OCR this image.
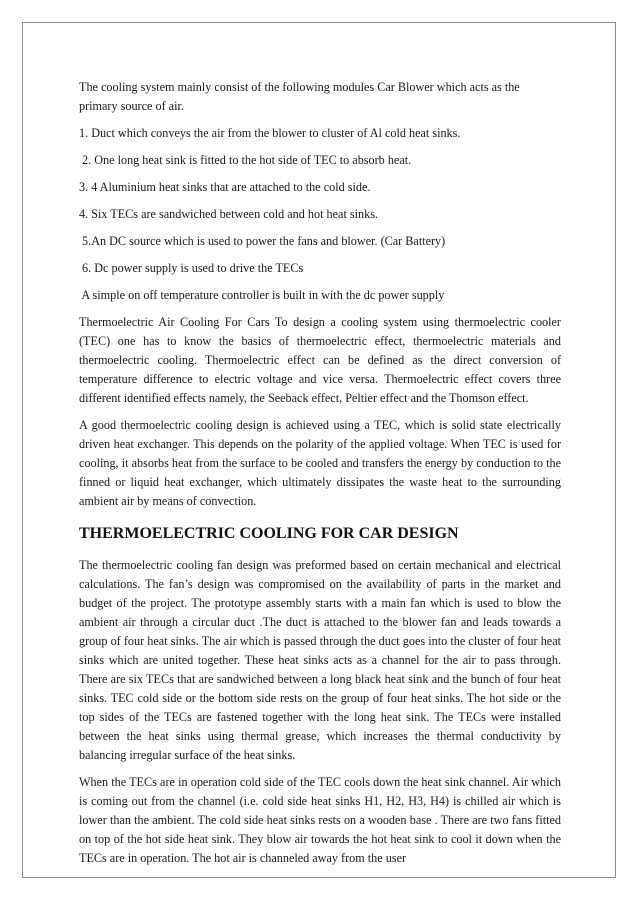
The cooling system mainly consist of the following modules Car Blower which acts as the primary source of air.

1. Duct which conveys the air from the blower to cluster of Al cold heat sinks.

2. One long heat sink is fitted to the hot side of TEC to absorb heat.

3. 4 Aluminium heat sinks that are attached to the cold side.

4. Six TECs are sandwiched between cold and hot heat sinks.

5.An DC source which is used to power the fans and blower. (Car Battery)

6. Dc power supply is used to drive the TECs

A simple on off temperature controller is built in with the dc power supply

Thermoelectric Air Cooling For Cars To design a cooling system using thermoelectric cooler (TEC) one has to know the basics of thermoelectric effect, thermoelectric materials and thermoelectric cooling. Thermoelectric effect can be defined as the direct conversion of temperature difference to electric voltage and vice versa. Thermoelectric effect covers three different identified effects namely, the Seeback effect, Peltier effect and the Thomson effect.

A good thermoelectric cooling design is achieved using a TEC, which is solid state electrically driven heat exchanger. This depends on the polarity of the applied voltage. When TEC is used for cooling, it absorbs heat from the surface to be cooled and transfers the energy by conduction to the finned or liquid heat exchanger, which ultimately dissipates the waste heat to the surrounding ambient air by means of convection.

THERMOELECTRIC COOLING FOR CAR DESIGN

The thermoelectric cooling fan design was preformed based on certain mechanical and electrical calculations. The fan’s design was compromised on the availability of parts in the market and budget of the project. The prototype assembly starts with a main fan which is used to blow the ambient air through a circular duct .The duct is attached to the blower fan and leads towards a group of four heat sinks. The air which is passed through the duct goes into the cluster of four heat sinks which are united together. These heat sinks acts as a channel for the air to pass through. There are six TECs that are sandwiched between a long black heat sink and the bunch of four heat sinks. TEC cold side or the bottom side rests on the group of four heat sinks. The hot side or the top sides of the TECs are fastened together with the long heat sink. The TECs were installed between the heat sinks using thermal grease, which increases the thermal conductivity by balancing irregular surface of the heat sinks.

When the TECs are in operation cold side of the TEC cools down the heat sink channel. Air which is coming out from the channel (i.e. cold side heat sinks H1, H2, H3, H4) is chilled air which is lower than the ambient. The cold side heat sinks rests on a wooden base . There are two fans fitted on top of the hot side heat sink. They blow air towards the hot heat sink to cool it down when the TECs are in operation. The hot air is channeled away from the user
